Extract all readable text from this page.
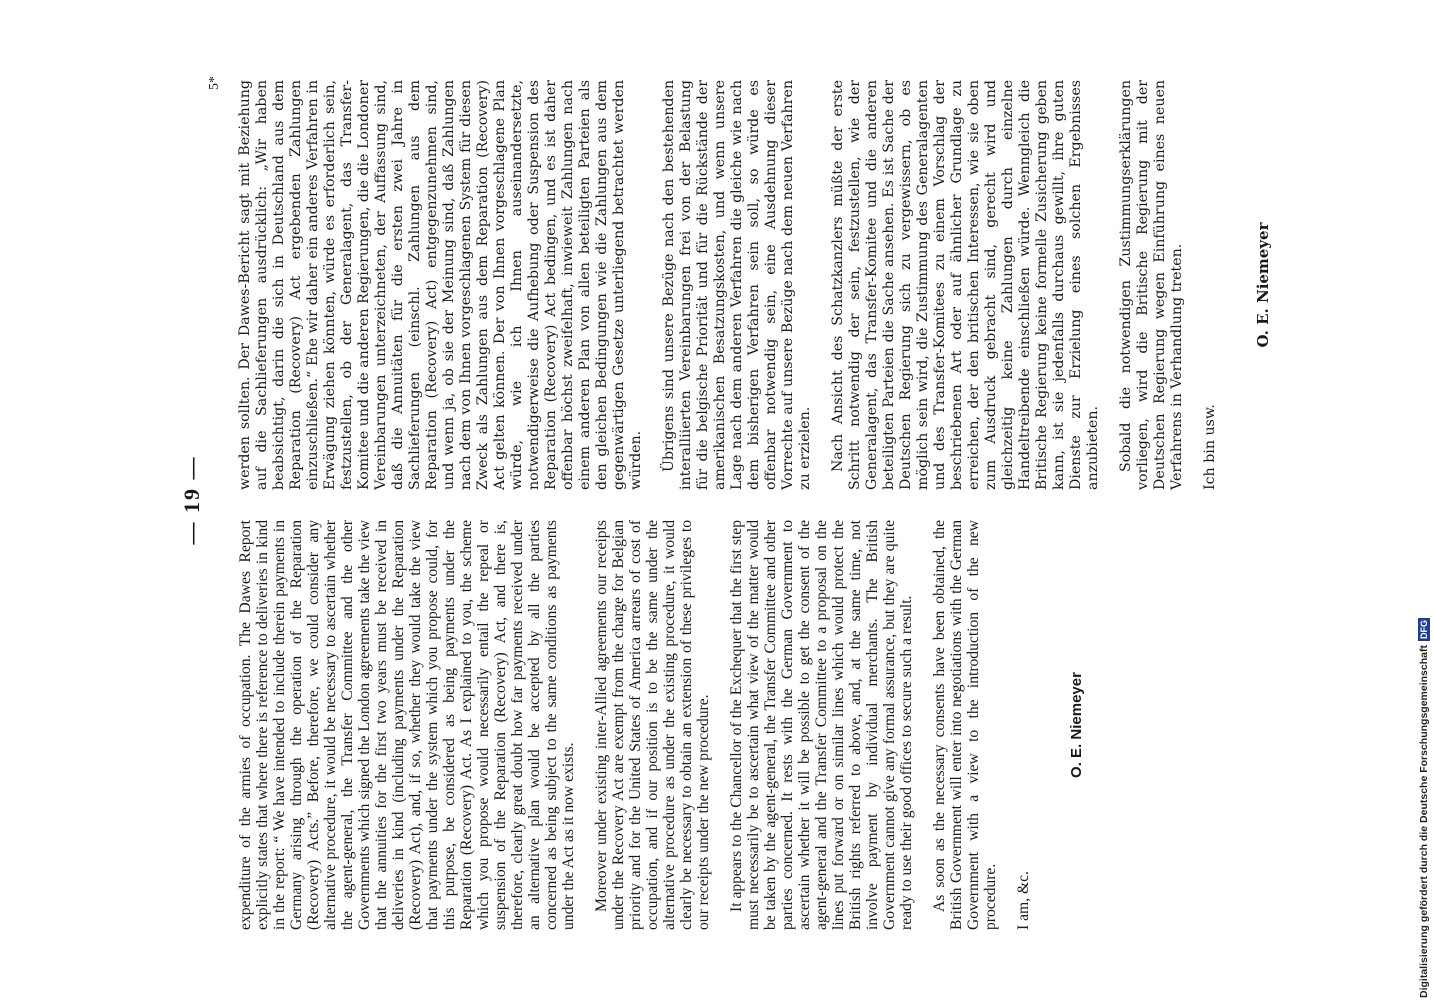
— 19 —
5*

expenditure of the armies of occupation. The Dawes Report explicitly states that where there is reference to deliveries in kind in the report: “ We have intended to include therein payments in Germany arising through the operation of the Reparation (Recovery) Acts.” Before, therefore, we could consider any alternative procedure, it would be necessary to ascertain whether the agent-general, the Transfer Committee and the other Governments which signed the London agreements take the view that the annuities for the first two years must be received in deliveries in kind (including payments under the Reparation (Recovery) Act), and, if so, whether they would take the view that payments under the system which you propose could, for this purpose, be considered as being payments under the Reparation (Recovery) Act. As I explained to you, the scheme which you propose would necessarily entail the repeal or suspension of the Reparation (Recovery) Act, and there is, therefore, clearly great doubt how far payments received under an alternative plan would be accepted by all the parties concerned as being subject to the same conditions as payments under the Act as it now exists. Moreover under existing inter-Allied agreements our receipts under the Recovery Act are exempt from the charge for Belgian priority and for the United States of America arrears of cost of occupation, and if our position is to be the same under the alternative procedure as under the existing procedure, it would clearly be necessary to obtain an extension of these privileges to our receipts under the new procedure. It appears to the Chancellor of the Exchequer that the first step must necessarily be to ascertain what view of the matter would be taken by the agent-general, the Transfer Committee and other parties concerned. It rests with the German Government to ascertain whether it will be possible to get the consent of the agent-general and the Transfer Committee to a proposal on the lines put forward or on similar lines which would protect the British rights referred to above, and, at the same time, not involve payment by individual merchants. The British Government cannot give any formal assurance, but they are quite ready to use their good offices to secure such a result. As soon as the necessary consents have been obtained, the British Government will enter into negotiations with the German Government with a view to the introduction of the new procedure. I am, &c.

O. E. Niemeyer

werden sollten. Der Dawes-Bericht sagt mit Beziehung auf die Sachlieferungen ausdrücklich: „Wir haben beabsichtigt, darin die sich in Deutschland aus dem Reparation (Recovery) Act ergebenden Zahlungen einzuschließen.“ Ehe wir daher ein anderes Verfahren in Erwägung ziehen könnten, würde es erforderlich sein, festzustellen, ob der Generalagent, das Transfer-Komitee und die anderen Regierungen, die die Londoner Vereinbarungen unterzeichneten, der Auffassung sind, daß die Annuitäten für die ersten zwei Jahre in Sachlieferungen (einschl. Zahlungen aus dem Reparation (Recovery) Act) entgegenzunehmen sind, und wenn ja, ob sie der Meinung sind, daß Zahlungen nach dem von Ihnen vorgeschlagenen System für diesen Zweck als Zahlungen aus dem Reparation (Recovery) Act gelten können. Der von Ihnen vorgeschlagene Plan würde, wie ich Ihnen auseinandersetzte, notwendigerweise die Aufhebung oder Suspension des Reparation (Recovery) Act bedingen, und es ist daher offenbar höchst zweifelhaft, inwieweit Zahlungen nach einem anderen Plan von allen beteiligten Parteien als den gleichen Bedingungen wie die Zahlungen aus dem gegenwärtigen Gesetze unterliegend betrachtet werden würden. Übrigens sind unsere Bezüge nach den bestehenden interalliierten Vereinbarungen frei von der Belastung für die belgische Priorität und für die Rückstände der amerikanischen Besatzungskosten, und wenn unsere Lage nach dem anderen Verfahren die gleiche wie nach dem bisherigen Verfahren sein soll, so würde es offenbar notwendig sein, eine Ausdehnung dieser Vorrechte auf unsere Bezüge nach dem neuen Verfahren zu erzielen. Nach Ansicht des Schatzkanzlers müßte der erste Schritt notwendig der sein, festzustellen, wie der Generalagent, das Transfer-Komitee und die anderen beteiligten Parteien die Sache ansehen. Es ist Sache der Deutschen Regierung sich zu vergewissern, ob es möglich sein wird, die Zustimmung des Generalagenten und des Transfer-Komitees zu einem Vorschlag der beschriebenen Art oder auf ähnlicher Grundlage zu erreichen, der den britischen Interessen, wie sie oben zum Ausdruck gebracht sind, gerecht wird und gleichzeitig keine Zahlungen durch einzelne Handeltreibende einschließen würde. Wenngleich die Britische Regierung keine formelle Zusicherung geben kann, ist sie jedenfalls durchaus gewillt, ihre guten Dienste zur Erzielung eines solchen Ergebnisses anzubieten. Sobald die notwendigen Zustimmungserklärungen vorliegen, wird die Britische Regierung mit der Deutschen Regierung wegen Einführung eines neuen Verfahrens in Verhandlung treten. Ich bin usw.

O. E. Niemeyer
Digitalisierung gefördert durch die Deutsche Forschungsgemeinschaft
DFG
